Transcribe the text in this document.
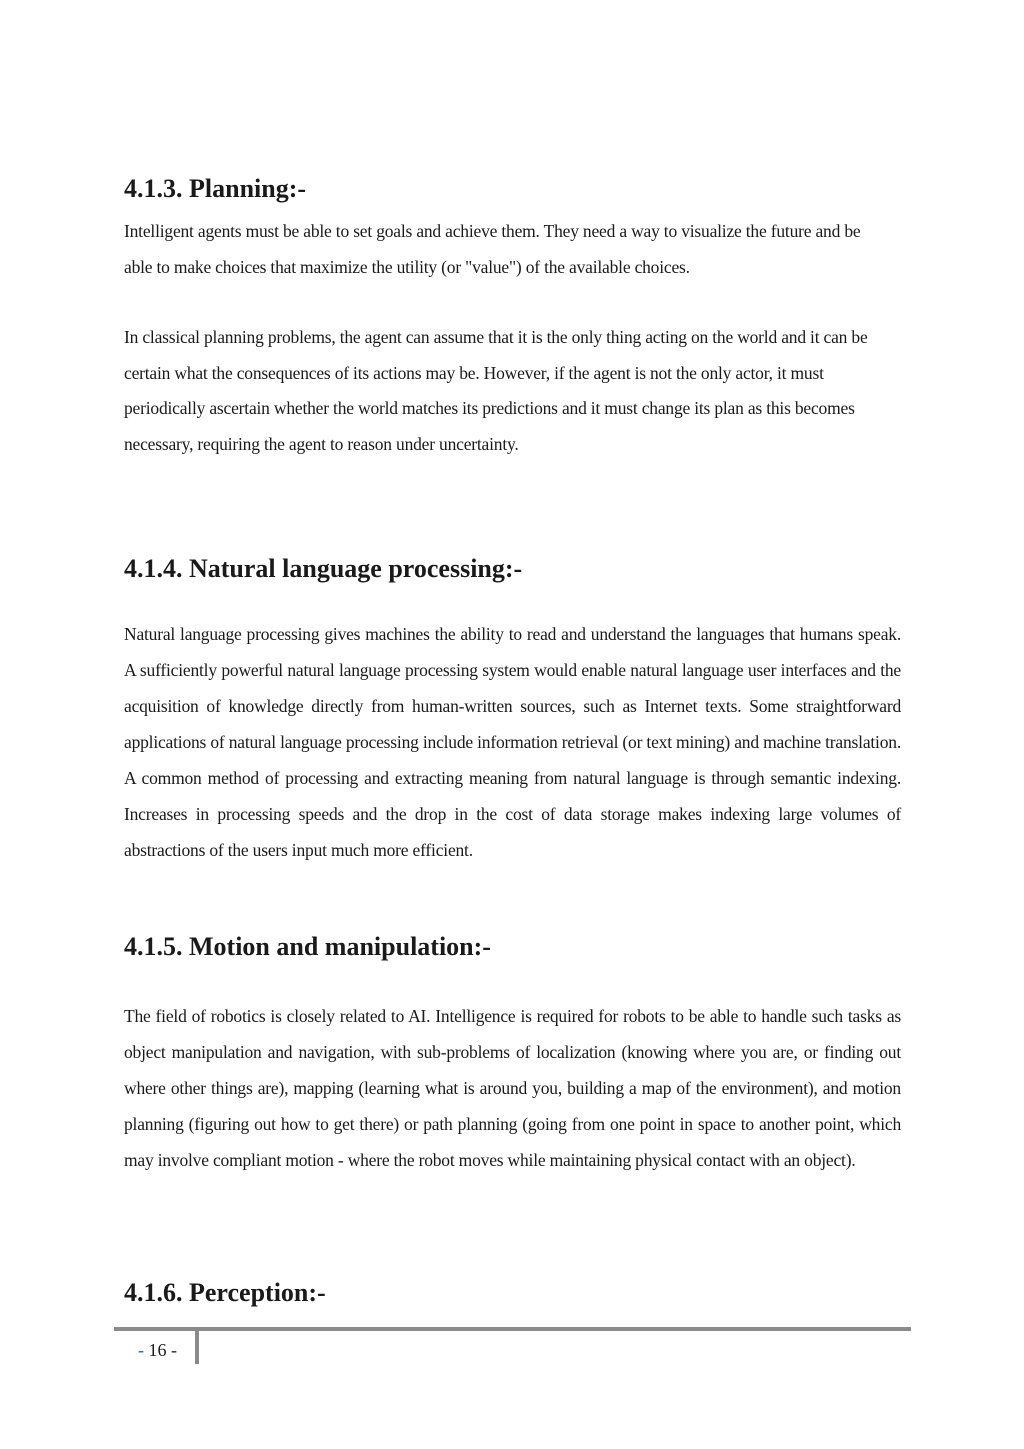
4.1.3. Planning:-

Intelligent agents must be able to set goals and achieve them. They need a way to visualize the future and be able to make choices that maximize the utility (or "value") of the available choices.

In classical planning problems, the agent can assume that it is the only thing acting on the world and it can be certain what the consequences of its actions may be. However, if the agent is not the only actor, it must periodically ascertain whether the world matches its predictions and it must change its plan as this becomes necessary, requiring the agent to reason under uncertainty.

4.1.4. Natural language processing:-

Natural language processing gives machines the ability to read and understand the languages that humans speak. A sufficiently powerful natural language processing system would enable natural language user interfaces and the acquisition of knowledge directly from human-written sources, such as Internet texts. Some straightforward applications of natural language processing include information retrieval (or text mining) and machine translation. A common method of processing and extracting meaning from natural language is through semantic indexing. Increases in processing speeds and the drop in the cost of data storage makes indexing large volumes of abstractions of the users input much more efficient.

4.1.5. Motion and manipulation:-

The field of robotics is closely related to AI. Intelligence is required for robots to be able to handle such tasks as object manipulation and navigation, with sub-problems of localization (knowing where you are, or finding out where other things are), mapping (learning what is around you, building a map of the environment), and motion planning (figuring out how to get there) or path planning (going from one point in space to another point, which may involve compliant motion - where the robot moves while maintaining physical contact with an object).

4.1.6. Perception:-
- 16 -
